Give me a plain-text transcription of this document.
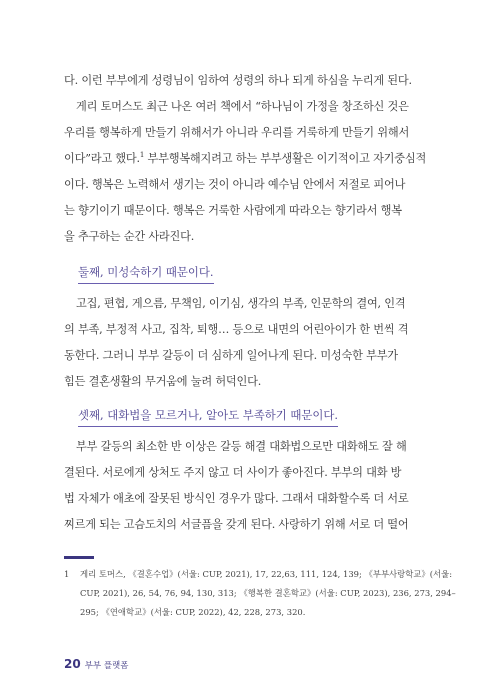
다. 이런 부부에게 성령님이 임하여 성령의 하나 되게 하심을 누리게 된다.
게리 토머스도 최근 나온 여러 책에서 “하나님이 가정을 창조하신 것은
우리를 행복하게 만들기 위해서가 아니라 우리를 거룩하게 만들기 위해서
이다”라고 했다.$^1$ 부부행복해지려고 하는 부부생활은 이기적이고 자기중심적
이다. 행복은 노력해서 생기는 것이 아니라 예수님 안에서 저절로 피어나
는 향기이기 때문이다. 행복은 거룩한 사람에게 따라오는 향기라서 행복
을 추구하는 순간 사라진다.
둘째, 미성숙하기 때문이다.
고집, 편협, 게으름, 무책임, 이기심, 생각의 부족, 인문학의 결여, 인격
의 부족, 부정적 사고, 집착, 퇴행… 등으로 내면의 어린아이가 한 번씩 격
동한다. 그러니 부부 갈등이 더 심하게 일어나게 된다. 미성숙한 부부가
힘든 결혼생활의 무거움에 눌려 허덕인다.
셋째, 대화법을 모르거나, 알아도 부족하기 때문이다.
부부 갈등의 최소한 반 이상은 갈등 해결 대화법으로만 대화해도 잘 해
결된다. 서로에게 상처도 주지 않고 더 사이가 좋아진다. 부부의 대화 방
법 자체가 애초에 잘못된 방식인 경우가 많다. 그래서 대화할수록 더 서로
찌르게 되는 고슴도치의 서글픔을 갖게 된다. 사랑하기 위해 서로 더 떨어
1 게리 토머스, 《결혼수업》(서울: CUP, 2021), 17, 22,63, 111, 124, 139; 《부부사랑학교》(서울:
CUP, 2021), 26, 54, 76, 94, 130, 313; 《행복한 결혼학교》(서울: CUP, 2023), 236, 273, 294–
295; 《연애학교》(서울: CUP, 2022), 42, 228, 273, 320.
20 부부 플랫폼
